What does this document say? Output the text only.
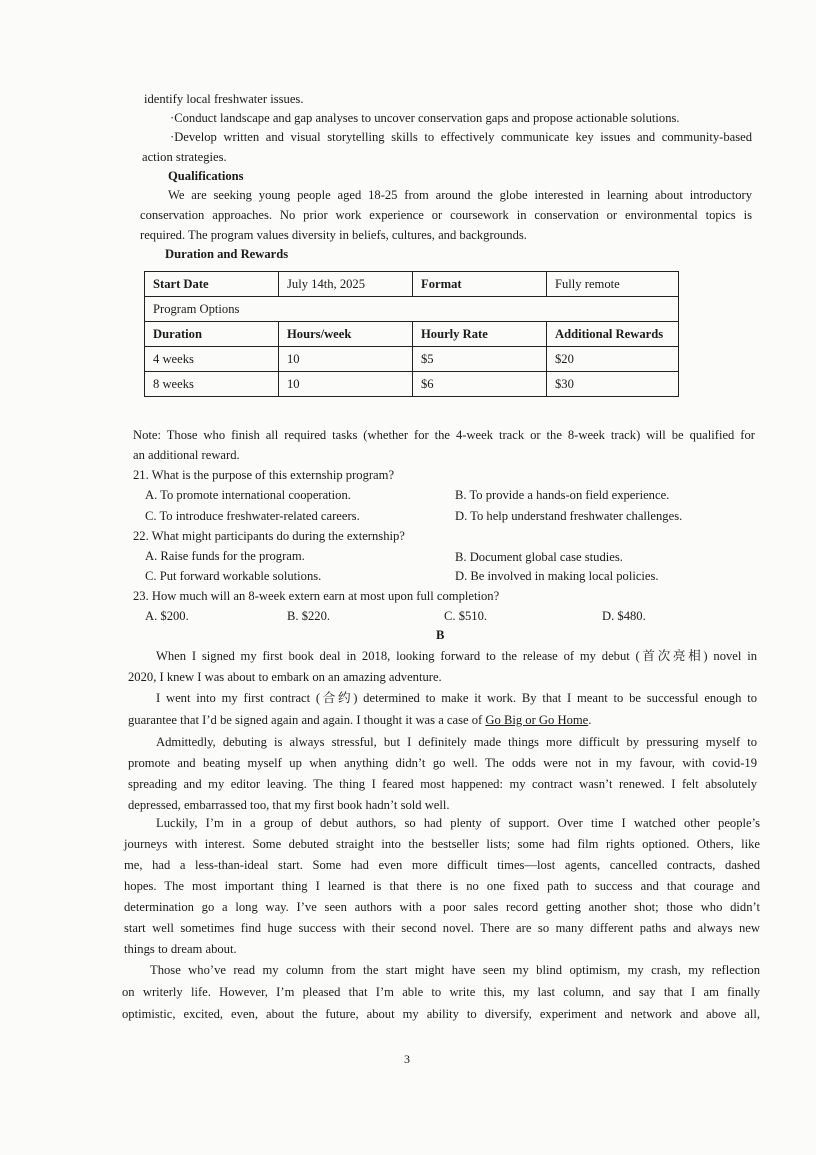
identify local freshwater issues.
·Conduct landscape and gap analyses to uncover conservation gaps and propose actionable solutions.
·Develop written and visual storytelling skills to effectively communicate key issues and community-based
action strategies.
Qualifications
We are seeking young people aged 18-25 from around the globe interested in learning about introductory
conservation approaches. No prior work experience or coursework in conservation or environmental topics is
required. The program values diversity in beliefs, cultures, and backgrounds.
Duration and Rewards
Start Date	July 14th, 2025	Format	Fully remote
Program Options			
Duration	Hours/week	Hourly Rate	Additional Rewards
4 weeks	10	$5	$20
8 weeks	10	$6	$30
Note: Those who finish all required tasks (whether for the 4-week track or the 8-week track) will be qualified for
an additional reward.
21. What is the purpose of this externship program?
A. To promote international cooperation.	B. To provide a hands-on field experience.
C. To introduce freshwater-related careers.	D. To help understand freshwater challenges.
22. What might participants do during the externship?
A. Raise funds for the program.	B. Document global case studies.
C. Put forward workable solutions.	D. Be involved in making local policies.
23. How much will an 8-week extern earn at most upon full completion?
A. $200.	B. $220.	C. $510.	D. $480.
B
When I signed my first book deal in 2018, looking forward to the release of my debut (首次亮相) novel in
2020, I knew I was about to embark on an amazing adventure.
I went into my first contract (合约) determined to make it work. By that I meant to be successful enough to
guarantee that I’d be signed again and again. I thought it was a case of Go Big or Go Home.
Admittedly, debuting is always stressful, but I definitely made things more difficult by pressuring myself to
promote and beating myself up when anything didn’t go well. The odds were not in my favour, with covid-19
spreading and my editor leaving. The thing I feared most happened: my contract wasn’t renewed. I felt absolutely
depressed, embarrassed too, that my first book hadn’t sold well.
Luckily, I’m in a group of debut authors, so had plenty of support. Over time I watched other people’s
journeys with interest. Some debuted straight into the bestseller lists; some had film rights optioned. Others, like
me, had a less-than-ideal start. Some had even more difficult times—lost agents, cancelled contracts, dashed
hopes. The most important thing I learned is that there is no one fixed path to success and that courage and
determination go a long way. I’ve seen authors with a poor sales record getting another shot; those who didn’t
start well sometimes find huge success with their second novel. There are so many different paths and always new
things to dream about.
Those who’ve read my column from the start might have seen my blind optimism, my crash, my reflection
on writerly life. However, I’m pleased that I’m able to write this, my last column, and say that I am finally
optimistic, excited, even, about the future, about my ability to diversify, experiment and network and above all,
3
